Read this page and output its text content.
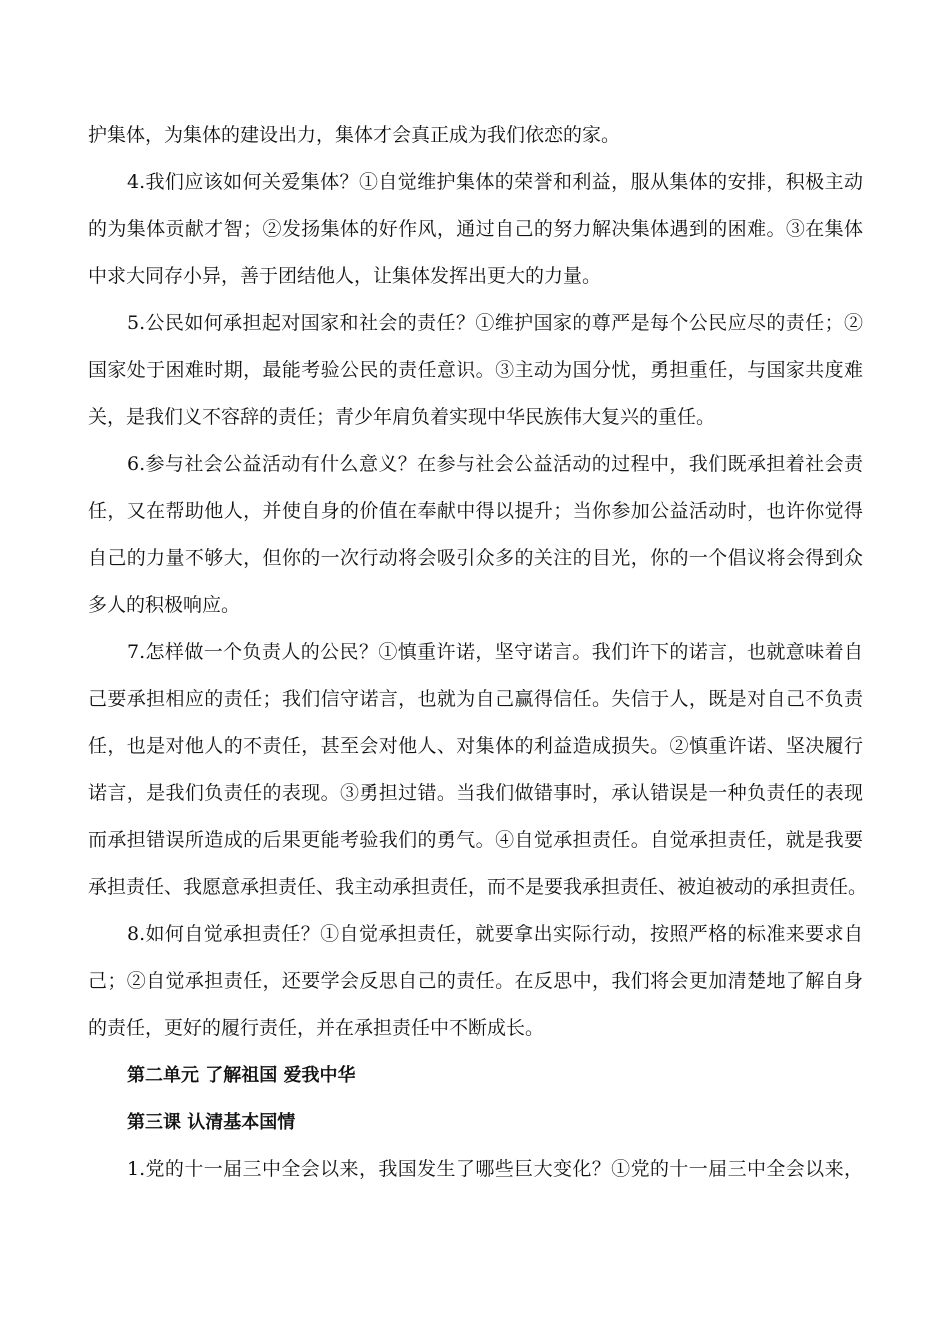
护集体，为集体的建设出力，集体才会真正成为我们依恋的家。
4.我们应该如何关爱集体？①自觉维护集体的荣誉和利益，服从集体的安排，积极主动
的为集体贡献才智；②发扬集体的好作风，通过自己的努力解决集体遇到的困难。③在集体
中求大同存小异，善于团结他人，让集体发挥出更大的力量。
5.公民如何承担起对国家和社会的责任？①维护国家的尊严是每个公民应尽的责任；②
国家处于困难时期，最能考验公民的责任意识。③主动为国分忧，勇担重任，与国家共度难
关，是我们义不容辞的责任；青少年肩负着实现中华民族伟大复兴的重任。
6.参与社会公益活动有什么意义？在参与社会公益活动的过程中，我们既承担着社会责
任，又在帮助他人，并使自身的价值在奉献中得以提升；当你参加公益活动时，也许你觉得
自己的力量不够大，但你的一次行动将会吸引众多的关注的目光，你的一个倡议将会得到众
多人的积极响应。
7.怎样做一个负责人的公民？①慎重许诺，坚守诺言。我们许下的诺言，也就意味着自
己要承担相应的责任；我们信守诺言，也就为自己赢得信任。失信于人，既是对自己不负责
任，也是对他人的不责任，甚至会对他人、对集体的利益造成损失。②慎重许诺、坚决履行
诺言，是我们负责任的表现。③勇担过错。当我们做错事时，承认错误是一种负责任的表现
而承担错误所造成的后果更能考验我们的勇气。④自觉承担责任。自觉承担责任，就是我要
承担责任、我愿意承担责任、我主动承担责任，而不是要我承担责任、被迫被动的承担责任。
8.如何自觉承担责任？①自觉承担责任，就要拿出实际行动，按照严格的标准来要求自
己；②自觉承担责任，还要学会反思自己的责任。在反思中，我们将会更加清楚地了解自身
的责任，更好的履行责任，并在承担责任中不断成长。
第二单元 了解祖国 爱我中华
第三课 认清基本国情
1.党的十一届三中全会以来，我国发生了哪些巨大变化？①党的十一届三中全会以来，
